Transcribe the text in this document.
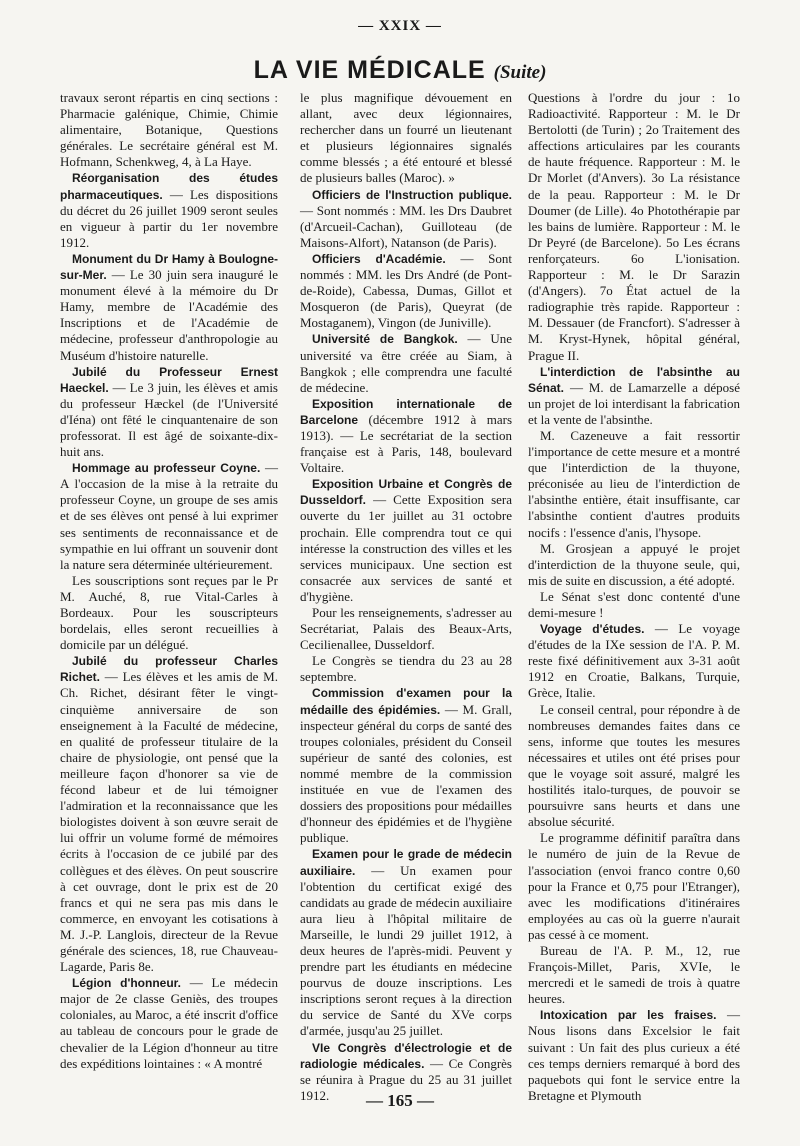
— XXIX —
LA VIE MÉDICALE (Suite)

travaux seront répartis en cinq sections : Pharmacie galénique, Chimie, Chimie alimentaire, Botanique, Questions générales. Le secrétaire général est M. Hofmann, Schenkweg, 4, à La Haye.

Réorganisation des études pharmaceutiques. — Les dispositions du décret du 26 juillet 1909 seront seules en vigueur à partir du 1er novembre 1912.

Monument du Dr Hamy à Boulogne-sur-Mer. — Le 30 juin sera inauguré le monument élevé à la mémoire du Dr Hamy, membre de l'Académie des Inscriptions et de l'Académie de médecine, professeur d'anthropologie au Muséum d'histoire naturelle.

Jubilé du Professeur Ernest Haeckel. — Le 3 juin, les élèves et amis du professeur Hæckel (de l'Université d'Iéna) ont fêté le cinquantenaire de son professorat. Il est âgé de soixante-dix-huit ans.

Hommage au professeur Coyne. — A l'occasion de la mise à la retraite du professeur Coyne, un groupe de ses amis et de ses élèves ont pensé à lui exprimer ses sentiments de reconnaissance et de sympathie en lui offrant un souvenir dont la nature sera déterminée ultérieurement.

Les souscriptions sont reçues par le Pr M. Auché, 8, rue Vital-Carles à Bordeaux. Pour les souscripteurs bordelais, elles seront recueillies à domicile par un délégué.

Jubilé du professeur Charles Richet. — Les élèves et les amis de M. Ch. Richet, désirant fêter le vingt-cinquième anniversaire de son enseignement à la Faculté de médecine, en qualité de professeur titulaire de la chaire de physiologie, ont pensé que la meilleure façon d'honorer sa vie de fécond labeur et de lui témoigner l'admiration et la reconnaissance que les biologistes doivent à son œuvre serait de lui offrir un volume formé de mémoires écrits à l'occasion de ce jubilé par des collègues et des élèves. On peut souscrire à cet ouvrage, dont le prix est de 20 francs et qui ne sera pas mis dans le commerce, en envoyant les cotisations à M. J.-P. Langlois, directeur de la Revue générale des sciences, 18, rue Chauveau-Lagarde, Paris 8e.

Légion d'honneur. — Le médecin major de 2e classe Geniès, des troupes coloniales, au Maroc, a été inscrit d'office au tableau de concours pour le grade de chevalier de la Légion d'honneur au titre des expéditions lointaines : « A montré

le plus magnifique dévouement en allant, avec deux légionnaires, rechercher dans un fourré un lieutenant et plusieurs légionnaires signalés comme blessés ; a été entouré et blessé de plusieurs balles (Maroc). »

Officiers de l'Instruction publique. — Sont nommés : MM. les Drs Daubret (d'Arcueil-Cachan), Guilloteau (de Maisons-Alfort), Natanson (de Paris).

Officiers d'Académie. — Sont nommés : MM. les Drs André (de Pont-de-Roide), Cabessa, Dumas, Gillot et Mosqueron (de Paris), Queyrat (de Mostaganem), Vingon (de Juniville).

Université de Bangkok. — Une université va être créée au Siam, à Bangkok ; elle comprendra une faculté de médecine.

Exposition internationale de Barcelone (décembre 1912 à mars 1913). — Le secrétariat de la section française est à Paris, 148, boulevard Voltaire.

Exposition Urbaine et Congrès de Dusseldorf. — Cette Exposition sera ouverte du 1er juillet au 31 octobre prochain. Elle comprendra tout ce qui intéresse la construction des villes et les services municipaux. Une section est consacrée aux services de santé et d'hygiène.

Pour les renseignements, s'adresser au Secrétariat, Palais des Beaux-Arts, Cecilienallee, Dusseldorf.

Le Congrès se tiendra du 23 au 28 septembre.

Commission d'examen pour la médaille des épidémies. — M. Grall, inspecteur général du corps de santé des troupes coloniales, président du Conseil supérieur de santé des colonies, est nommé membre de la commission instituée en vue de l'examen des dossiers des propositions pour médailles d'honneur des épidémies et de l'hygiène publique.

Examen pour le grade de médecin auxiliaire. — Un examen pour l'obtention du certificat exigé des candidats au grade de médecin auxiliaire aura lieu à l'hôpital militaire de Marseille, le lundi 29 juillet 1912, à deux heures de l'après-midi. Peuvent y prendre part les étudiants en médecine pourvus de douze inscriptions. Les inscriptions seront reçues à la direction du service de Santé du XVe corps d'armée, jusqu'au 25 juillet.

VIe Congrès d'électrologie et de radiologie médicales. — Ce Congrès se réunira à Prague du 25 au 31 juillet 1912.

Questions à l'ordre du jour : 1o Radioactivité. Rapporteur : M. le Dr Bertolotti (de Turin) ; 2o Traitement des affections articulaires par les courants de haute fréquence. Rapporteur : M. le Dr Morlet (d'Anvers). 3o La résistance de la peau. Rapporteur : M. le Dr Doumer (de Lille). 4o Photothérapie par les bains de lumière. Rapporteur : M. le Dr Peyré (de Barcelone). 5o Les écrans renforçateurs. 6o L'ionisation. Rapporteur : M. le Dr Sarazin (d'Angers). 7o État actuel de la radiographie très rapide. Rapporteur : M. Dessauer (de Francfort). S'adresser à M. Kryst-Hynek, hôpital général, Prague II.

L'interdiction de l'absinthe au Sénat. — M. de Lamarzelle a déposé un projet de loi interdisant la fabrication et la vente de l'absinthe.

M. Cazeneuve a fait ressortir l'importance de cette mesure et a montré que l'interdiction de la thuyone, préconisée au lieu de l'interdiction de l'absinthe entière, était insuffisante, car l'absinthe contient d'autres produits nocifs : l'essence d'anis, l'hysope.

M. Grosjean a appuyé le projet d'interdiction de la thuyone seule, qui, mis de suite en discussion, a été adopté.

Le Sénat s'est donc contenté d'une demi-mesure !

Voyage d'études. — Le voyage d'études de la IXe session de l'A. P. M. reste fixé définitivement aux 3-31 août 1912 en Croatie, Balkans, Turquie, Grèce, Italie.

Le conseil central, pour répondre à de nombreuses demandes faites dans ce sens, informe que toutes les mesures nécessaires et utiles ont été prises pour que le voyage soit assuré, malgré les hostilités italo-turques, de pouvoir se poursuivre sans heurts et dans une absolue sécurité.

Le programme définitif paraîtra dans le numéro de juin de la Revue de l'association (envoi franco contre 0,60 pour la France et 0,75 pour l'Etranger), avec les modifications d'itinéraires employées au cas où la guerre n'aurait pas cessé à ce moment.

Bureau de l'A. P. M., 12, rue François-Millet, Paris, XVIe, le mercredi et le samedi de trois à quatre heures.

Intoxication par les fraises. — Nous lisons dans Excelsior le fait suivant : Un fait des plus curieux a été ces temps derniers remarqué à bord des paquebots qui font le service entre la Bretagne et Plymouth

— 165 —
